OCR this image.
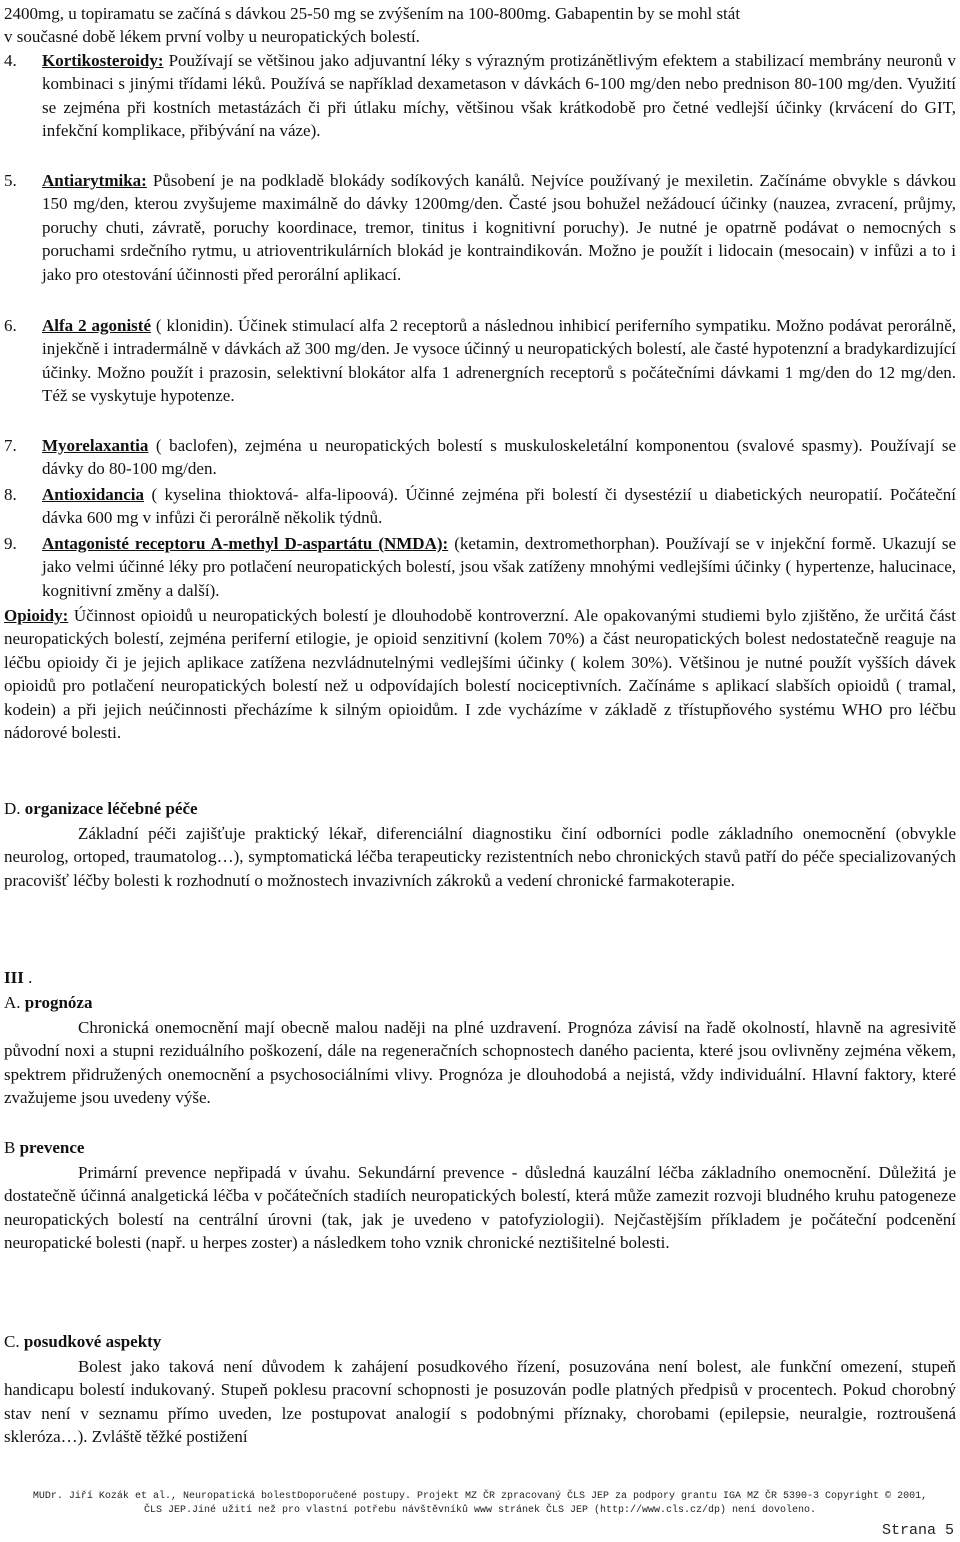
2400mg, u topiramatu se začíná s dávkou 25-50 mg se zvýšením na 100-800mg. Gabapentin by se mohl stát
v současné době lékem první volby u neuropatických bolestí.
4.	Kortikosteroidy: Používají se většinou jako adjuvantní léky s výrazným protizánětlivým efektem a stabilizací membrány neuronů v kombinaci s jinými třídami léků. Používá se například dexametason v dávkách 6-100 mg/den nebo prednison 80-100 mg/den. Využití se zejména při kostních metastázách či při útlaku míchy, většinou však krátkodobě pro četné vedlejší účinky (krvácení do GIT, infekční komplikace, přibývání na váze).
5.	Antiarytmika: Působení je na podkladě blokády sodíkových kanálů. Nejvíce používaný je mexiletin. Začínáme obvykle s dávkou 150 mg/den, kterou zvyšujeme maximálně do dávky 1200mg/den. Časté jsou bohužel nežádoucí účinky (nauzea, zvracení, průjmy, poruchy chuti, závratě, poruchy koordinace, tremor, tinitus i kognitivní poruchy). Je nutné je opatrně podávat o nemocných s poruchami srdečního rytmu, u atrioventrikulárních blokád je kontraindikován. Možno je použít i lidocain (mesocain) v infůzi a to i jako pro otestování účinnosti před perorální aplikací.
6.	Alfa 2 agonisté ( klonidin). Účinek stimulací alfa 2 receptorů a následnou inhibicí periferního sympatiku. Možno podávat perorálně, injekčně i intradermálně v dávkách až 300 mg/den. Je vysoce účinný u neuropatických bolestí, ale časté hypotenzní a bradykardizující účinky. Možno použít i prazosin, selektivní blokátor alfa 1 adrenergních receptorů s počátečními dávkami 1 mg/den do 12 mg/den. Též se vyskytuje hypotenze.
7.	Myorelaxantia ( baclofen), zejména u neuropatických bolestí s muskuloskeletální komponentou (svalové spasmy). Používají se dávky do 80-100 mg/den.
8.	Antioxidancia ( kyselina thioktová- alfa-lipoová). Účinné zejména při bolestí či dysestézií u diabetických neuropatií. Počáteční dávka 600 mg v infůzi či perorálně několik týdnů.
9.	Antagonisté receptoru A-methyl D-aspartátu (NMDA): (ketamin, dextromethorphan). Používají se v injekční formě. Ukazují se jako velmi účinné léky pro potlačení neuropatických bolestí, jsou však zatíženy mnohými vedlejšími účinky ( hypertenze, halucinace, kognitivní změny a další).
Opioidy: Účinnost opioidů u neuropatických bolestí je dlouhodobě kontroverzní. Ale opakovanými studiemi bylo zjištěno, že určitá část neuropatických bolestí, zejména periferní etilogie, je opioid senzitivní (kolem 70%) a část neuropatických bolest nedostatečně reaguje na léčbu opioidy či je jejich aplikace zatížena nezvládnutelnými vedlejšími účinky ( kolem 30%). Většinou je nutné použít vyšších dávek opioidů pro potlačení neuropatických bolestí než u odpovídajích bolestí nociceptivních. Začínáme s aplikací slabších opioidů ( tramal, kodein) a při jejich neúčinnosti přecházíme k silným opioidům. I zde vycházíme v základě z třístupňového systému WHO pro léčbu nádorové bolesti.
D. organizace léčebné péče
Základní péči zajišťuje praktický lékař, diferenciální diagnostiku činí odborníci podle základního onemocnění (obvykle neurolog, ortoped, traumatolog…), symptomatická léčba terapeuticky rezistentních nebo chronických stavů patří do péče specializovaných pracovišť léčby bolesti k rozhodnutí o možnostech invazivních zákroků a vedení chronické farmakoterapie.
III .
A. prognóza
Chronická onemocnění mají obecně malou naději na plné uzdravení. Prognóza závisí na řadě okolností, hlavně na agresivitě původní noxi a stupni reziduálního poškození, dále na regeneračních schopnostech daného pacienta, které jsou ovlivněny zejména věkem, spektrem přidružených onemocnění a psychosociálními vlivy. Prognóza je dlouhodobá a nejistá, vždy individuální. Hlavní faktory, které zvažujeme jsou uvedeny výše.
B prevence
Primární prevence nepřipadá v úvahu. Sekundární prevence - důsledná kauzální léčba základního onemocnění. Důležitá je dostatečně účinná analgetická léčba v počátečních stadiích neuropatických bolestí, která může zamezit rozvoji bludného kruhu patogeneze neuropatických bolestí na centrální úrovni (tak, jak je uvedeno v patofyziologii). Nejčastějším příkladem je počáteční podcenění neuropatické bolesti (např. u herpes zoster) a následkem toho vznik chronické neztišitelné bolesti.
C. posudkové aspekty
Bolest jako taková není důvodem k zahájení posudkového řízení, posuzována není bolest, ale funkční omezení, stupeň handicapu bolestí indukovaný. Stupeň poklesu pracovní schopnosti je posuzován podle platných předpisů v procentech. Pokud chorobný stav není v seznamu přímo uveden, lze postupovat analogií s podobnými příznaky, chorobami (epilepsie, neuralgie, roztroušená skleróza…). Zvláště těžké postižení
MUDr. Jiří Kozák et al., Neuropatická bolestDoporučené postupy. Projekt MZ ČR zpracovaný ČLS JEP za podpory grantu IGA MZ ČR 5390-3 Copyright © 2001,
ČLS JEP.Jiné užití než pro vlastní potřebu návštěvníků www stránek ČLS JEP (http://www.cls.cz/dp) není dovoleno.
Strana 5
